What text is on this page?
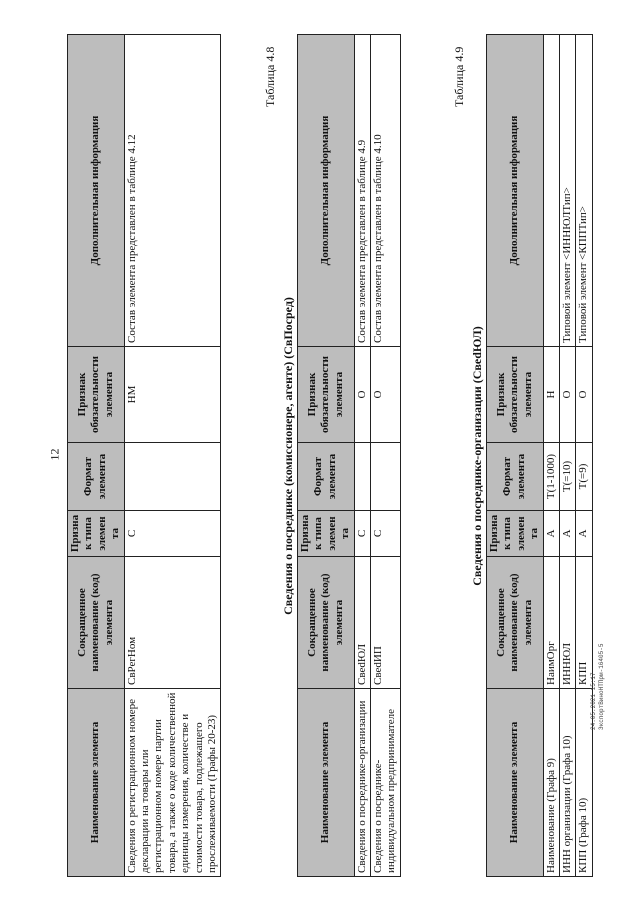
12
Наименование элемента	Сокращенное наименование (код) элемента	Признак типа элемента	Формат элемента	Признак обязательности элемента	Дополнительная информация
Сведения о регистрационном номере декларации на товары или регистрационном номере партии товара, а также о коде количественной единицы измерения, количестве и стоимости товара, подлежащего прослеживаемости (Графы 20-23)	СвРегНом	С		НМ	Состав элемента представлен в таблице 4.12
Таблица 4.8
Сведения о посреднике (комиссионере, агенте) (СвПосред)
Наименование элемента	Сокращенное наименование (код) элемента	Признак типа элемента	Формат элемента	Признак обязательности элемента	Дополнительная информация
Сведения о посреднике-организации	СвedЮЛ	С		О	Состав элемента представлен в таблице 4.9
Сведения о посреднике-индивидуальном предпринимателе	СвedИП	С		О	Состав элемента представлен в таблице 4.10
Таблица 4.9
Сведения о посреднике-организации (СвedЮЛ)
Наименование элемента	Сокращенное наименование (код) элемента	Признак типа элемента	Формат элемента	Признак обязательности элемента	Дополнительная информация
Наименование (Графа 9)	НаимОрг	А	T(1-1000)	Н	
ИНН организации (Графа 10)	ИННЮЛ	А	T(=10)	О	Типовой элемент <ИННЮЛТип>
КПП (Графа 10)	КПП	А	T(=9)	О	Типовой элемент <КППТип>
24.05.2021 15:17 ЭкспортВиноНТПрм-16405-5
